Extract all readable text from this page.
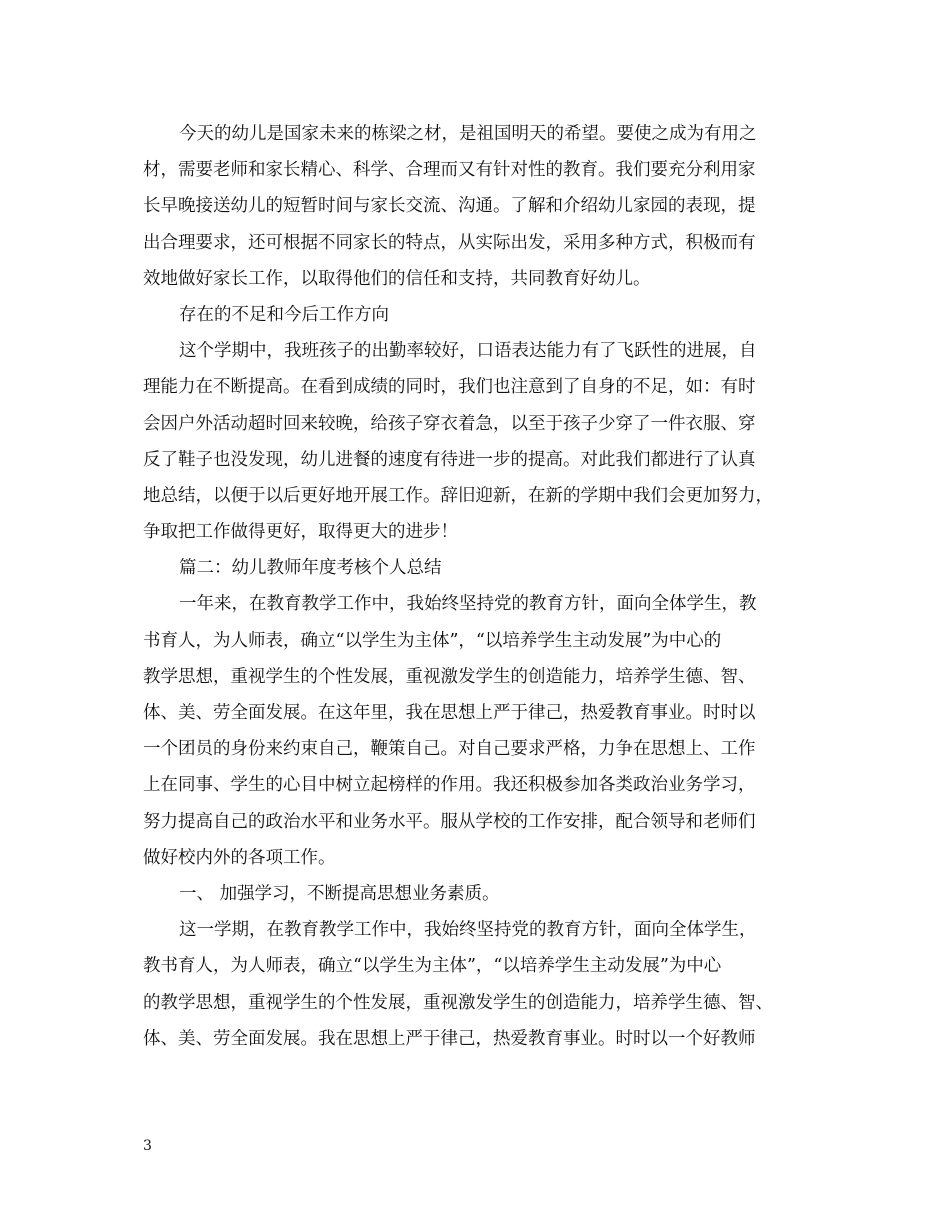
今天的幼儿是国家未来的栋梁之材，是祖国明天的希望。要使之成为有用之
材，需要老师和家长精心、科学、合理而又有针对性的教育。我们要充分利用家
长早晚接送幼儿的短暂时间与家长交流、沟通。了解和介绍幼儿家园的表现，提
出合理要求，还可根据不同家长的特点，从实际出发，采用多种方式，积极而有
效地做好家长工作，以取得他们的信任和支持，共同教育好幼儿。
存在的不足和今后工作方向
这个学期中，我班孩子的出勤率较好，口语表达能力有了飞跃性的进展，自
理能力在不断提高。在看到成绩的同时，我们也注意到了自身的不足，如：有时
会因户外活动超时回来较晚，给孩子穿衣着急，以至于孩子少穿了一件衣服、穿
反了鞋子也没发现，幼儿进餐的速度有待进一步的提高。对此我们都进行了认真
地总结，以便于以后更好地开展工作。辞旧迎新，在新的学期中我们会更加努力，
争取把工作做得更好，取得更大的进步！
篇二：幼儿教师年度考核个人总结
一年来，在教育教学工作中，我始终坚持党的教育方针，面向全体学生，教
书育人，为人师表，确立“以学生为主体”，“以培养学生主动发展”为中心的
教学思想，重视学生的个性发展，重视激发学生的创造能力，培养学生德、智、
体、美、劳全面发展。在这年里，我在思想上严于律己，热爱教育事业。时时以
一个团员的身份来约束自己，鞭策自己。对自己要求严格，力争在思想上、工作
上在同事、学生的心目中树立起榜样的作用。我还积极参加各类政治业务学习，
努力提高自己的政治水平和业务水平。服从学校的工作安排，配合领导和老师们
做好校内外的各项工作。
一、 加强学习，不断提高思想业务素质。
这一学期，在教育教学工作中，我始终坚持党的教育方针，面向全体学生，
教书育人，为人师表，确立“以学生为主体”，“以培养学生主动发展”为中心
的教学思想，重视学生的个性发展，重视激发学生的创造能力，培养学生德、智、
体、美、劳全面发展。我在思想上严于律己，热爱教育事业。时时以一个好教师
3
